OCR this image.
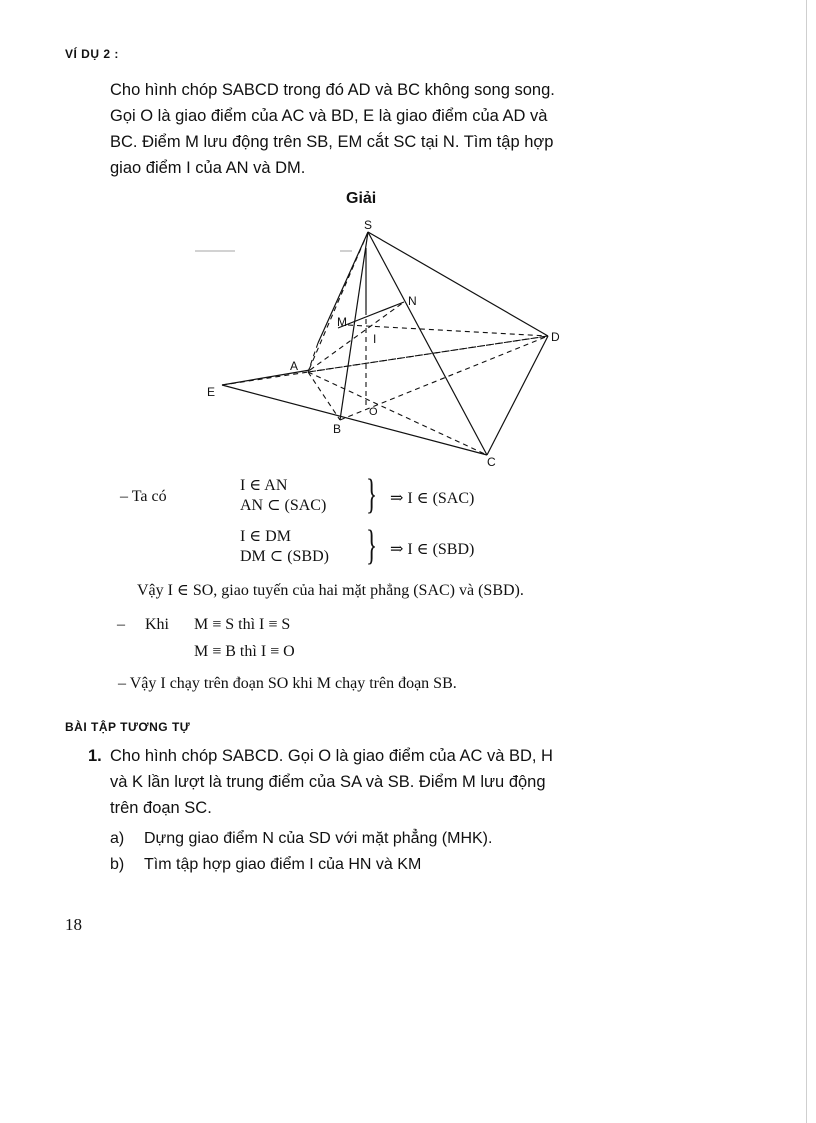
VÍ DỤ 2 :
Cho hình chóp SABCD trong đó AD và BC không song song.
Gọi O là giao điểm của AC và BD, E là giao điểm của AD và
BC. Điểm M lưu động trên SB, EM cắt SC tại N. Tìm tập hợp
giao điểm I của AN và DM.
Giải
S
N
M
I	D
A
E
O
B
C
– Ta có
I ∈ AN
AN ⊂ (SAC) } ⇒ I ∈ (SAC)
I ∈ DM
DM ⊂ (SBD) } ⇒ I ∈ (SBD)
Vậy I ∈ SO, giao tuyến của hai mặt phẳng (SAC) và (SBD).
– Khi M ≡ S thì I ≡ S
M ≡ B thì I ≡ O
– Vậy I chạy trên đoạn SO khi M chạy trên đoạn SB.
BÀI TẬP TƯƠNG TỰ
1. Cho hình chóp SABCD. Gọi O là giao điểm của AC và BD, H
và K lần lượt là trung điểm của SA và SB. Điểm M lưu động
trên đoạn SC.
a) Dựng giao điểm N của SD với mặt phẳng (MHK).
b) Tìm tập hợp giao điểm I của HN và KM
18
